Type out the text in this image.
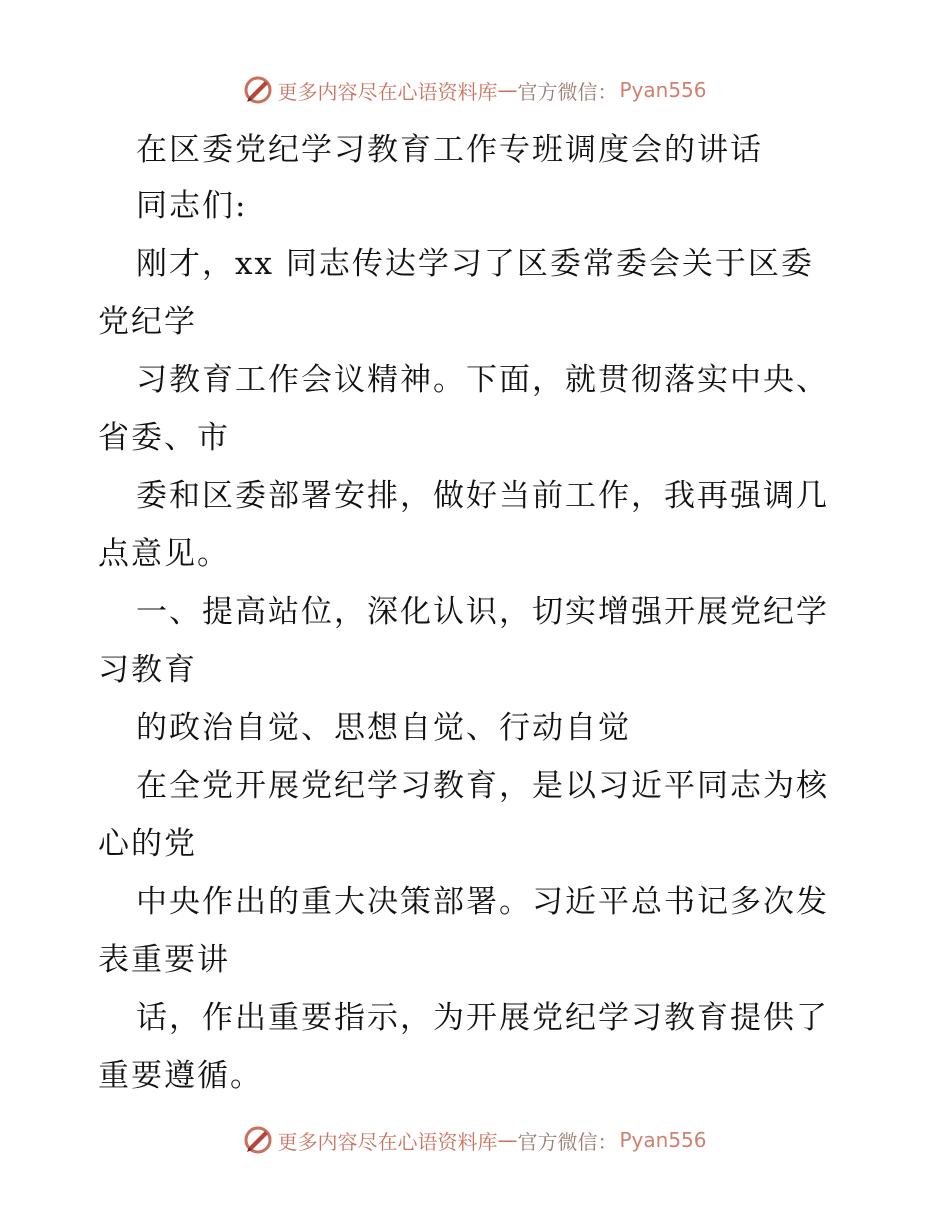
更多内容尽在心语资料库 — 官方微信： Pyan556
在区委党纪学习教育工作专班调度会的讲话
同志们:
刚才，xx 同志传达学习了区委常委会关于区委
党纪学
习教育工作会议精神。下面，就贯彻落实中央、
省委、市
委和区委部署安排，做好当前工作，我再强调几
点意见。
一、提高站位，深化认识，切实增强开展党纪学
习教育
的政治自觉、思想自觉、行动自觉
在全党开展党纪学习教育，是以习近平同志为核
心的党
中央作出的重大决策部署。习近平总书记多次发
表重要讲
话，作出重要指示，为开展党纪学习教育提供了
重要遵循。
更多内容尽在心语资料库 — 官方微信： Pyan556
